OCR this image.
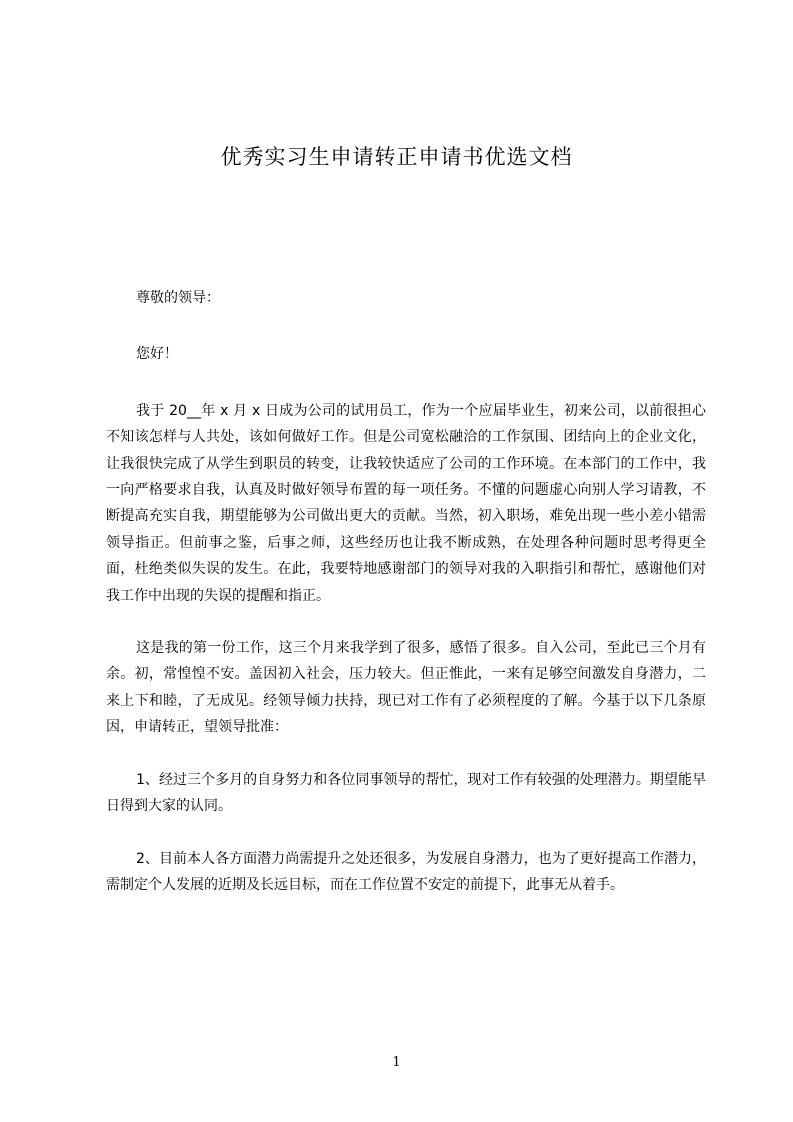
优秀实习生申请转正申请书优选文档

尊敬的领导：

您好！

我于 20__年 x 月 x 日成为公司的试用员工，作为一个应届毕业生，初来公司，以前很担心不知该怎样与人共处，该如何做好工作。但是公司宽松融洽的工作氛围、团结向上的企业文化，让我很快完成了从学生到职员的转变，让我较快适应了公司的工作环境。在本部门的工作中，我一向严格要求自我，认真及时做好领导布置的每一项任务。不懂的问题虚心向别人学习请教，不断提高充实自我，期望能够为公司做出更大的贡献。当然，初入职场，难免出现一些小差小错需领导指正。但前事之鉴，后事之师，这些经历也让我不断成熟，在处理各种问题时思考得更全面，杜绝类似失误的发生。在此，我要特地感谢部门的领导对我的入职指引和帮忙，感谢他们对我工作中出现的失误的提醒和指正。

这是我的第一份工作，这三个月来我学到了很多，感悟了很多。自入公司，至此已三个月有余。初，常惶惶不安。盖因初入社会，压力较大。但正惟此，一来有足够空间激发自身潜力，二来上下和睦，了无成见。经领导倾力扶持，现已对工作有了必须程度的了解。今基于以下几条原因，申请转正，望领导批准：

1、经过三个多月的自身努力和各位同事领导的帮忙，现对工作有较强的处理潜力。期望能早日得到大家的认同。

2、目前本人各方面潜力尚需提升之处还很多，为发展自身潜力，也为了更好提高工作潜力，需制定个人发展的近期及长远目标，而在工作位置不安定的前提下，此事无从着手。

1
